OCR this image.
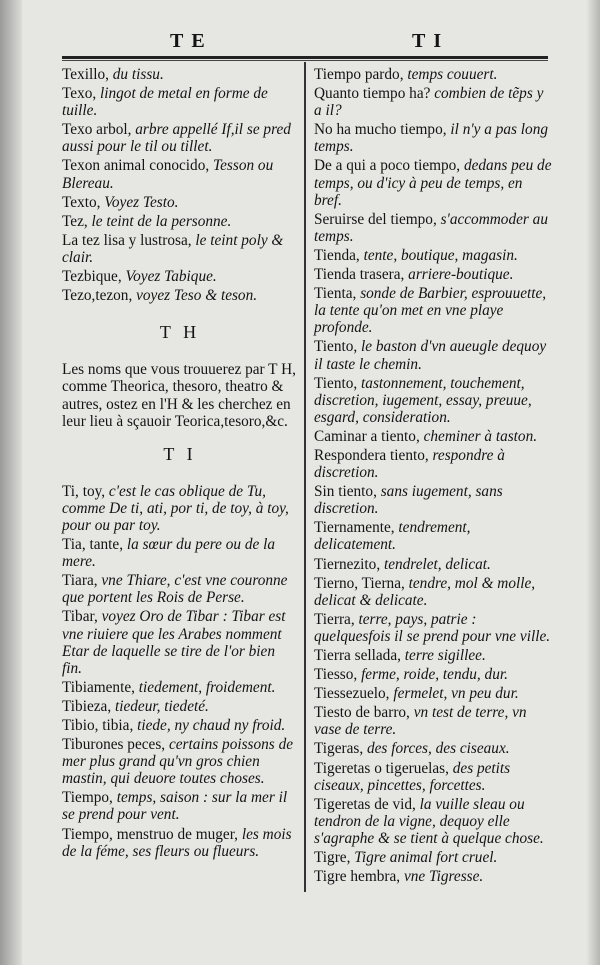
TE	TI
Texillo, du tissu.
Texo, lingot de metal en forme de tuille.
Texo arbol, arbre appellé If,il se pred aussi pour le til ou tillet.
Texon animal conocido, Tesson ou Blereau.
Texto, Voyez Testo.
Tez, le teint de la personne.
La tez lisa y lustrosa, le teint poly & clair.
Tezbique, Voyez Tabique.
Tezo,tezon, voyez Teso & teson.
T H
Les noms que vous trouuerez par T H, comme Theorica, thesoro, theatro & autres, ostez en l'H & les cherchez en leur lieu à sçauoir Teorica,tesoro,&c.
T I
Ti, toy, c'est le cas oblique de Tu, comme De ti, ati, por ti, de toy, à toy, pour ou par toy.
Tia, tante, la sœur du pere ou de la mere.
Tiara, vne Thiare, c'est vne couronne que portent les Rois de Perse.
Tibar, voyez Oro de Tibar : Tibar est vne riuiere que les Arabes nomment Etar de laquelle se tire de l'or bien fin.
Tibiamente, tiedement, froidement.
Tibieza, tiedeur, tiedeté.
Tibio, tibia, tiede, ny chaud ny froid.
Tiburones peces, certains poissons de mer plus grand qu'vn gros chien mastin, qui deuore toutes choses.
Tiempo, temps, saison : sur la mer il se prend pour vent.
Tiempo, menstruo de muger, les mois de la féme, ses fleurs ou flueurs.
Tiempo pardo, temps couuert.
Quanto tiempo ha? combien de tẽps y a il?
No ha mucho tiempo, il n'y a pas long temps.
De a qui a poco tiempo, dedans peu de temps, ou d'icy à peu de temps, en bref.
Seruirse del tiempo, s'accommoder au temps.
Tienda, tente, boutique, magasin.
Tienda trasera, arriere-boutique.
Tienta, sonde de Barbier, esprouuette, la tente qu'on met en vne playe profonde.
Tiento, le baston d'vn aueugle dequoy il taste le chemin.
Tiento, tastonnement, touchement, discretion, iugement, essay, preuue, esgard, consideration.
Caminar a tiento, cheminer à taston.
Respondera tiento, respondre à discretion.
Sin tiento, sans iugement, sans discretion.
Tiernamente, tendrement, delicatement.
Tiernezito, tendrelet, delicat.
Tierno, Tierna, tendre, mol & molle, delicat & delicate.
Tierra, terre, pays, patrie : quelquesfois il se prend pour vne ville.
Tierra sellada, terre sigillee.
Tiesso, ferme, roide, tendu, dur.
Tiessezuelo, fermelet, vn peu dur.
Tiesto de barro, vn test de terre, vn vase de terre.
Tigeras, des forces, des ciseaux.
Tigeretas o tigeruelas, des petits ciseaux, pincettes, forcettes.
Tigeretas de vid, la vuille sleau ou tendron de la vigne, dequoy elle s'agraphe & se tient à quelque chose.
Tigre, Tigre animal fort cruel.
Tigre hembra, vne Tigresse.
